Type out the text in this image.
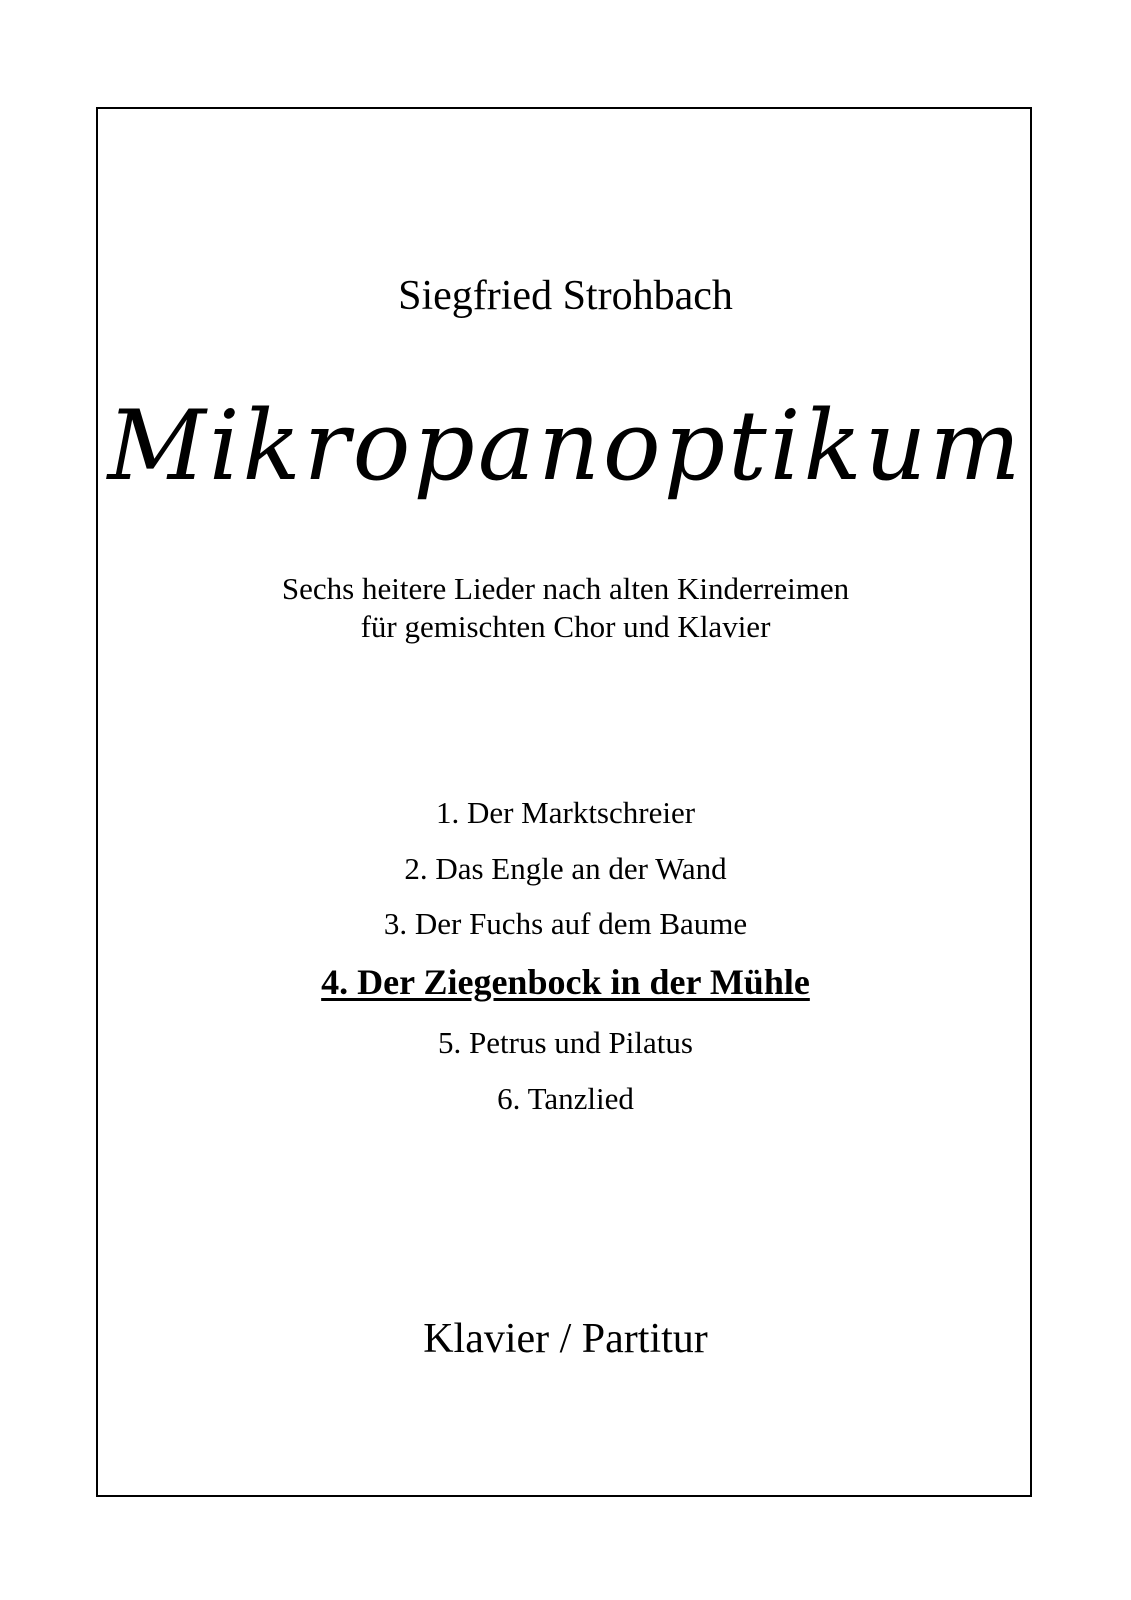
Siegfried Strohbach
Mikropanoptikum
Sechs heitere Lieder nach alten Kinderreimen
für gemischten Chor und Klavier
1. Der Marktschreier
2. Das Engle an der Wand
3. Der Fuchs auf dem Baume
4. Der Ziegenbock in der Mühle
5. Petrus und Pilatus
6. Tanzlied
Klavier / Partitur
